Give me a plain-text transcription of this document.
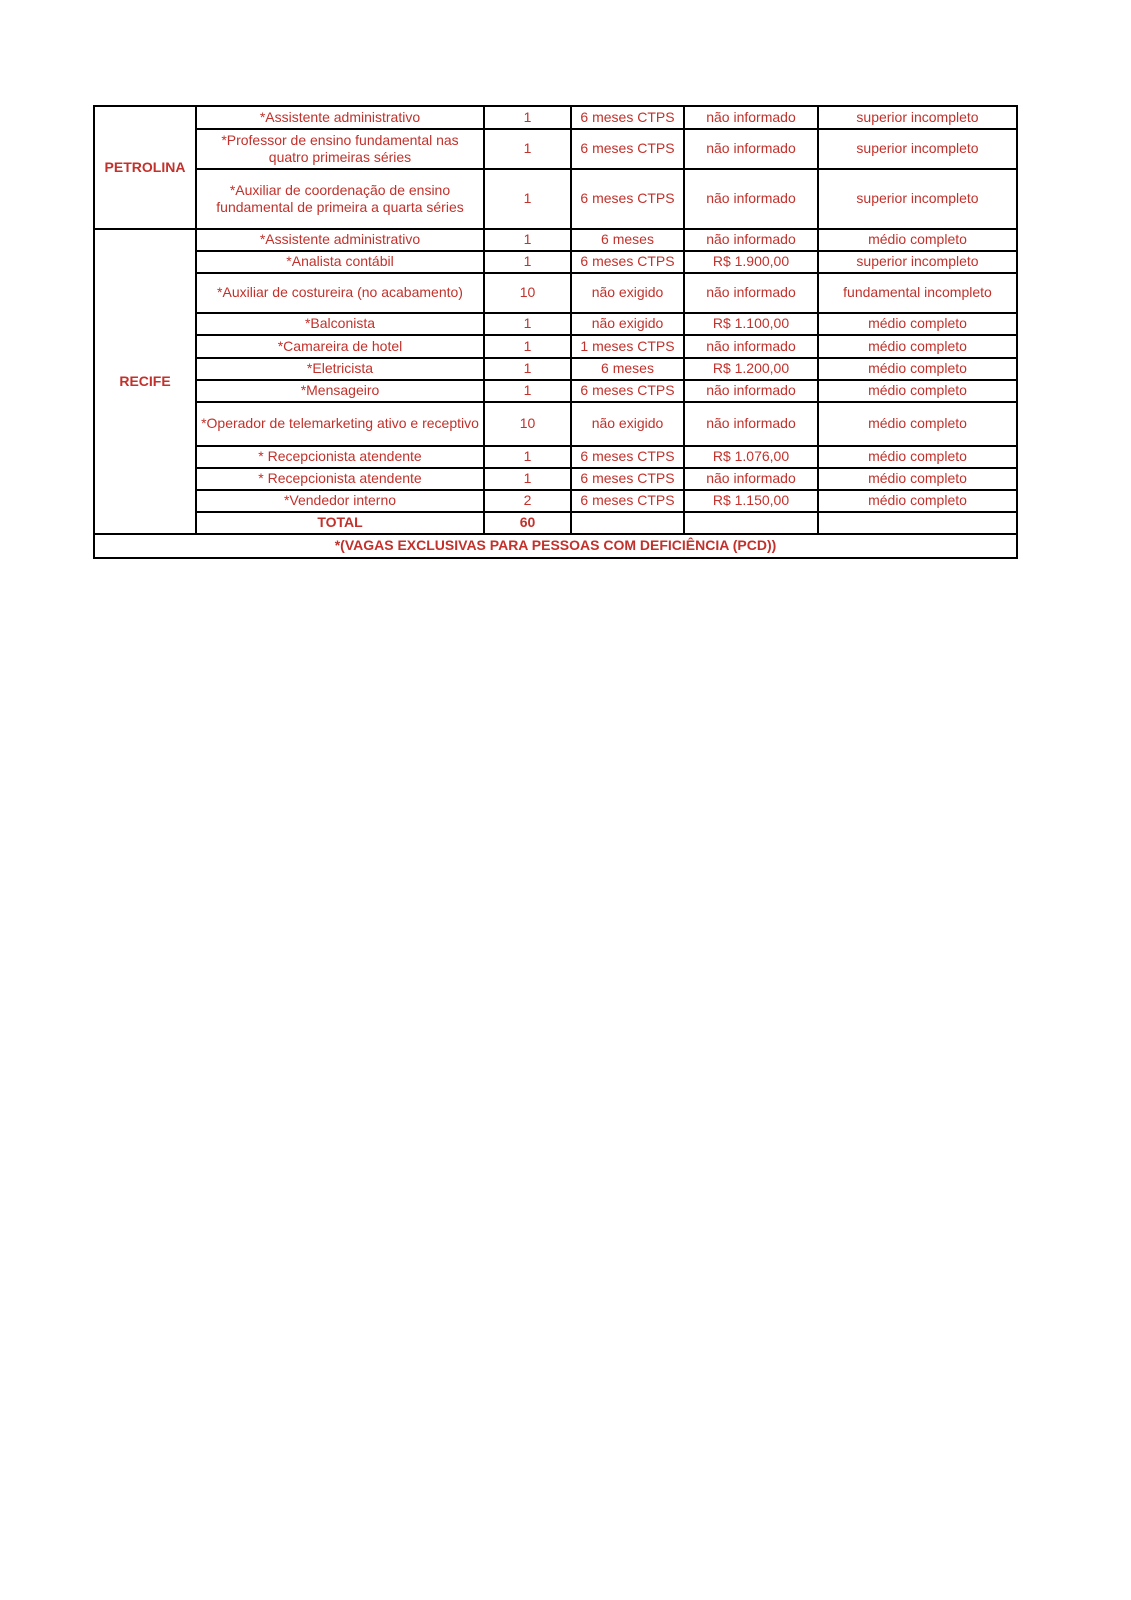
PETROLINA	*Assistente administrativo	1	6 meses CTPS	não informado	superior incompleto
	*Professor de ensino fundamental nas quatro primeiras séries	1	6 meses CTPS	não informado	superior incompleto
	*Auxiliar de coordenação de ensino fundamental de primeira a quarta séries	1	6 meses CTPS	não informado	superior incompleto
RECIFE	*Assistente administrativo	1	6 meses	não informado	médio completo
	*Analista contábil	1	6 meses CTPS	R$ 1.900,00	superior incompleto
	*Auxiliar de costureira (no acabamento)	10	não exigido	não informado	fundamental incompleto
	*Balconista	1	não exigido	R$ 1.100,00	médio completo
	*Camareira de hotel	1	1 meses CTPS	não informado	médio completo
	*Eletricista	1	6 meses	R$ 1.200,00	médio completo
	*Mensageiro	1	6 meses CTPS	não informado	médio completo
	*Operador de telemarketing ativo e receptivo	10	não exigido	não informado	médio completo
	* Recepcionista atendente	1	6 meses CTPS	R$ 1.076,00	médio completo
	* Recepcionista atendente	1	6 meses CTPS	não informado	médio completo
	*Vendedor interno	2	6 meses CTPS	R$ 1.150,00	médio completo
	TOTAL	60			
*(VAGAS EXCLUSIVAS PARA PESSOAS COM DEFICIÊNCIA (PCD))					
